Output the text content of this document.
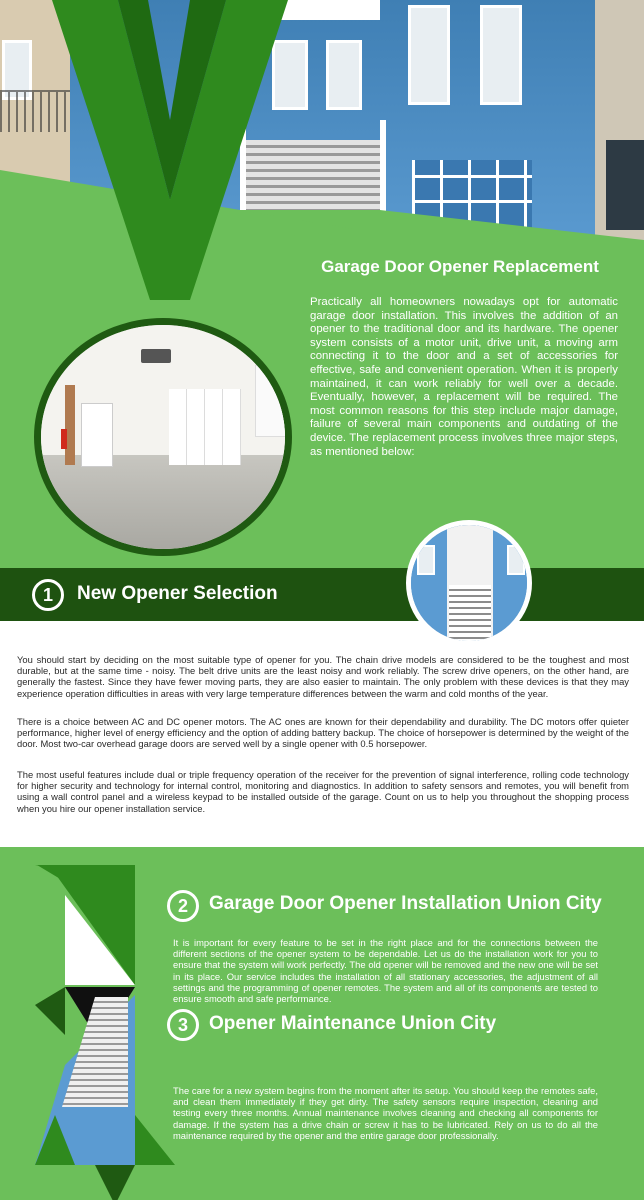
Garage Door Opener Replacement
Practically all homeowners nowadays opt for automatic garage door installation. This involves the addition of an opener to the traditional door and its hardware. The opener system consists of a motor unit, drive unit, a moving arm connecting it to the door and a set of accessories for effective, safe and convenient operation. When it is properly maintained, it can work reliably for well over a decade. Eventually, however, a replacement will be required. The most common reasons for this step include major damage, failure of several main components and outdating of the device. The replacement process involves three major steps, as mentioned below:
1	New Opener Selection
You should start by deciding on the most suitable type of opener for you. The chain drive models are considered to be the toughest and most durable, but at the same time - noisy. The belt drive units are the least noisy and work reliably. The screw drive openers, on the other hand, are generally the fastest. Since they have fewer moving parts, they are also easier to maintain. The only problem with these devices is that they may experience operation difficulties in areas with very large temperature differences between the warm and cold months of the year.
There is a choice between AC and DC opener motors. The AC ones are known for their dependability and durability. The DC motors offer quieter performance, higher level of energy efficiency and the option of adding battery backup. The choice of horsepower is determined by the weight of the door. Most two-car overhead garage doors are served well by a single opener with 0.5 horsepower.
The most useful features include dual or triple frequency operation of the receiver for the prevention of signal interference, rolling code technology for higher security and technology for internal control, monitoring and diagnostics. In addition to safety sensors and remotes, you will benefit from using a wall control panel and a wireless keypad to be installed outside of the garage. Count on us to help you throughout the shopping process when you hire our opener installation service.
2	Garage Door Opener Installation Union City
It is important for every feature to be set in the right place and for the connections between the different sections of the opener system to be dependable. Let us do the installation work for you to ensure that the system will work perfectly. The old opener will be removed and the new one will be set in its place. Our service includes the installation of all stationary accessories, the adjustment of all settings and the programming of opener remotes. The system and all of its components are tested to ensure smooth and safe performance.
3	Opener Maintenance Union City
The care for a new system begins from the moment after its setup. You should keep the remotes safe, and clean them immediately if they get dirty. The safety sensors require inspection, cleaning and testing every three months. Annual maintenance involves cleaning and checking all components for damage. If the system has a drive chain or screw it has to be lubricated. Rely on us to do all the maintenance required by the opener and the entire garage door professionally.
